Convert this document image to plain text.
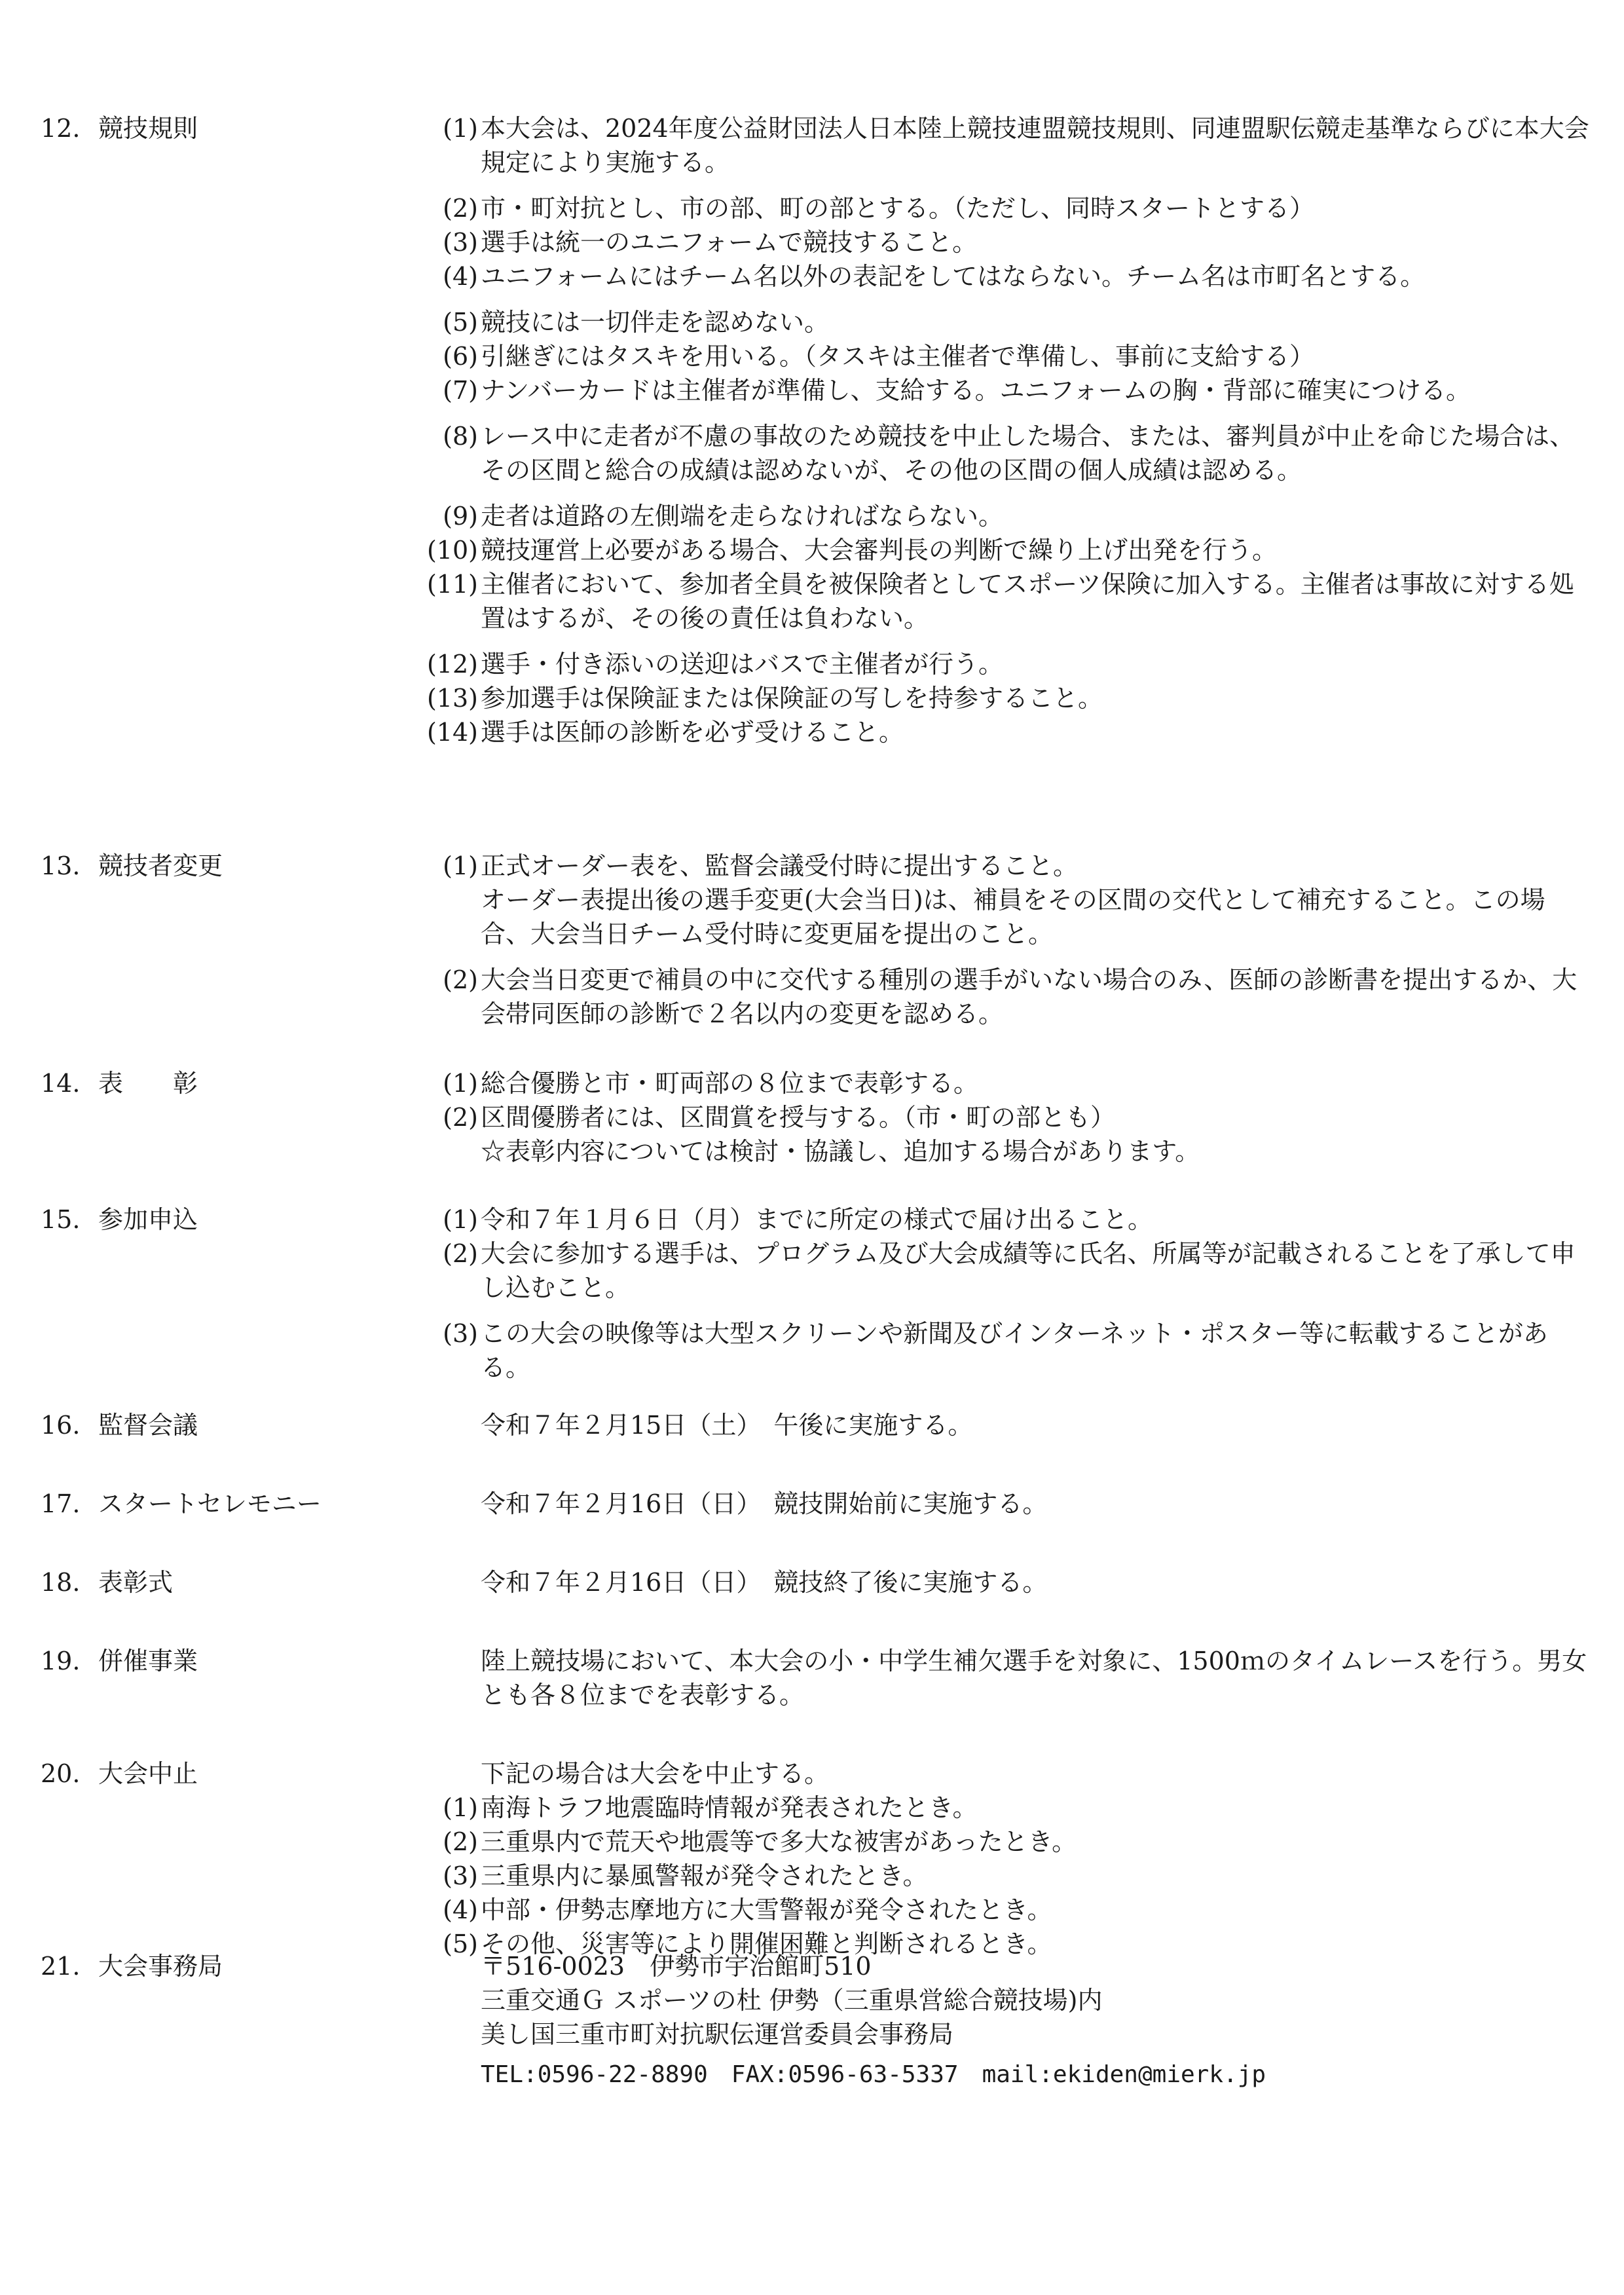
12. 競技規則	(1) 本大会は、2024年度公益財団法人日本陸上競技連盟競技規則、同連盟駅伝競走基準ならびに本大会規定により実施する。
(2) 市・町対抗とし、市の部、町の部とする。（ただし、同時スタートとする）
(3) 選手は統一のユニフォームで競技すること。
(4) ユニフォームにはチーム名以外の表記をしてはならない。チーム名は市町名とする。
(5) 競技には一切伴走を認めない。
(6) 引継ぎにはタスキを用いる。（タスキは主催者で準備し、事前に支給する）
(7) ナンバーカードは主催者が準備し、支給する。ユニフォームの胸・背部に確実につける。
(8) レース中に走者が不慮の事故のため競技を中止した場合、または、審判員が中止を命じた場合は、その区間と総合の成績は認めないが、その他の区間の個人成績は認める。
(9) 走者は道路の左側端を走らなければならない。
(10) 競技運営上必要がある場合、大会審判長の判断で繰り上げ出発を行う。
(11) 主催者において、参加者全員を被保険者としてスポーツ保険に加入する。主催者は事故に対する処置はするが、その後の責任は負わない。
(12) 選手・付き添いの送迎はバスで主催者が行う。
(13) 参加選手は保険証または保険証の写しを持参すること。
(14) 選手は医師の診断を必ず受けること。
13. 競技者変更	(1) 正式オーダー表を、監督会議受付時に提出すること。
オーダー表提出後の選手変更(大会当日)は、補員をその区間の交代として補充すること。この場合、大会当日チーム受付時に変更届を提出のこと。
(2) 大会当日変更で補員の中に交代する種別の選手がいない場合のみ、医師の診断書を提出するか、大会帯同医師の診断で２名以内の変更を認める。
14. 表　　彰	(1) 総合優勝と市・町両部の８位まで表彰する。
(2) 区間優勝者には、区間賞を授与する。（市・町の部とも）
☆表彰内容については検討・協議し、追加する場合があります。
15. 参加申込	(1) 令和７年１月６日（月）までに所定の様式で届け出ること。
(2) 大会に参加する選手は、プログラム及び大会成績等に氏名、所属等が記載されることを了承して申し込むこと。
(3) この大会の映像等は大型スクリーンや新聞及びインターネット・ポスター等に転載することがある。
16. 監督会議	令和７年２月15日（土）　午後に実施する。
17. スタートセレモニー	令和７年２月16日（日）　競技開始前に実施する。
18. 表彰式	令和７年２月16日（日）　競技終了後に実施する。
19. 併催事業	陸上競技場において、本大会の小・中学生補欠選手を対象に、1500ｍのタイムレースを行う。男女とも各８位までを表彰する。
20. 大会中止	下記の場合は大会を中止する。
(1) 南海トラフ地震臨時情報が発表されたとき。
(2) 三重県内で荒天や地震等で多大な被害があったとき。
(3) 三重県内に暴風警報が発令されたとき。
(4) 中部・伊勢志摩地方に大雪警報が発令されたとき。
(5) その他、災害等により開催困難と判断されるとき。
21. 大会事務局	〒516-0023　伊勢市宇治館町510
三重交通Ｇ スポーツの杜 伊勢（三重県営総合競技場)内
美し国三重市町対抗駅伝運営委員会事務局
TEL:0596-22-8890　FAX:0596-63-5337　mail:ekiden@mierk.jp
